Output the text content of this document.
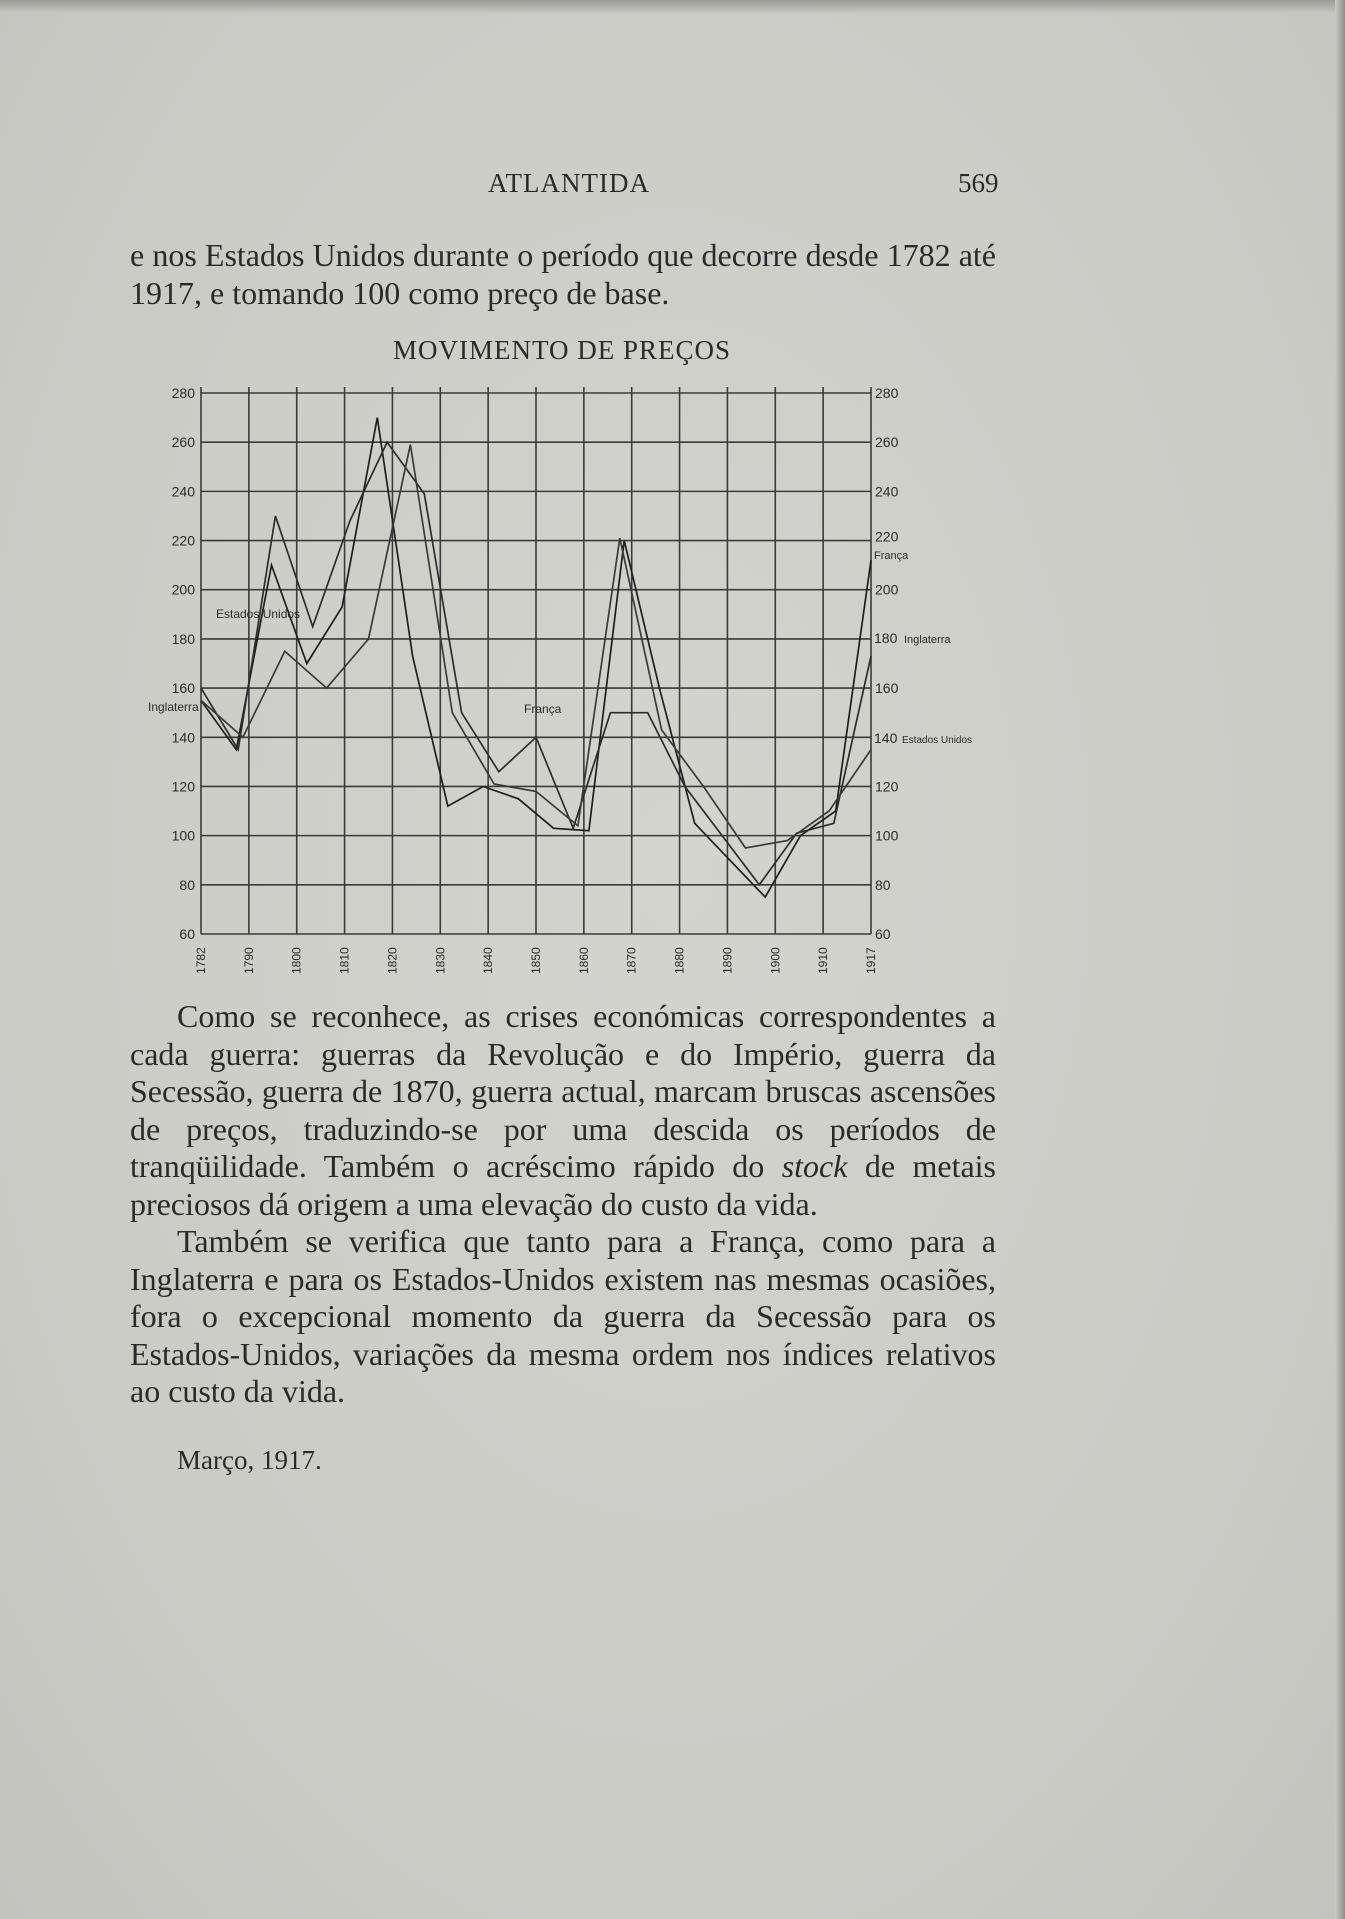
ATLANTIDA	569
e nos Estados Unidos durante o período que decorre desde 1782 até 1917, e tomando 100 como preço de base.
MOVIMENTO DE PREÇOS
60	60
80	80
100	100
120	120
140
160	160
180
200	200
220
240	240
260	260
280	280
220
1782	1790	1800	1810	1820	1830	1840	1850	1860	1870	1880	1890	1900	1910	1917
Estados Unidos
França
Inglaterra
França
180 Inglaterra
140 Estados Unidos

Como se reconhece, as crises económicas correspondentes a cada guerra: guerras da Revolução e do Império, guerra da Secessão, guerra de 1870, guerra actual, marcam bruscas ascensões de preços, traduzindo-se por uma descida os períodos de tranqüilidade. Também o acréscimo rápido do stock de metais preciosos dá origem a uma elevação do custo da vida.

Também se verifica que tanto para a França, como para a Inglaterra e para os Estados-Unidos existem nas mesmas ocasiões, fora o excepcional momento da guerra da Secessão para os Estados-Unidos, variações da mesma ordem nos índices relativos ao custo da vida.

Março, 1917.
